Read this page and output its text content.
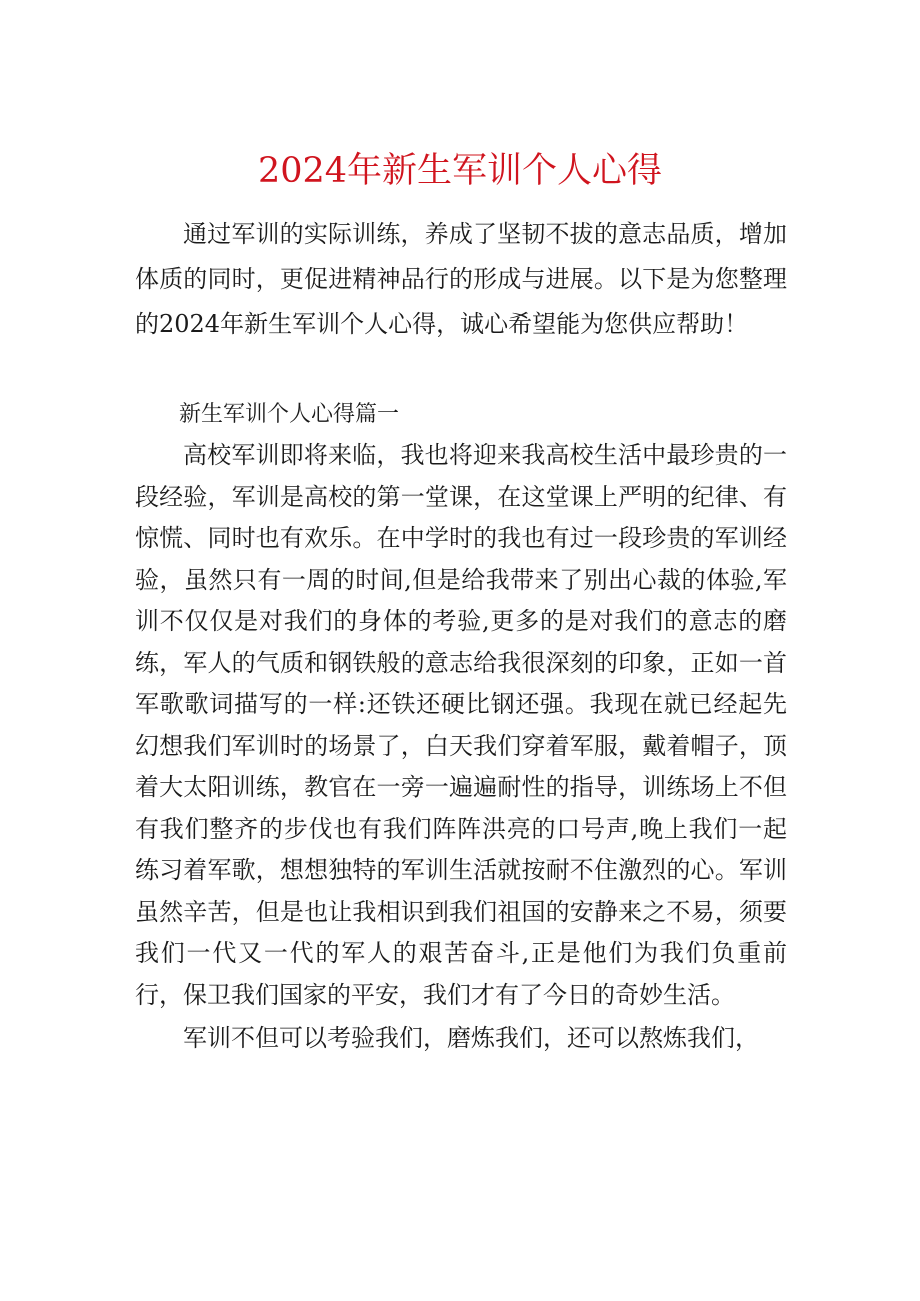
2024年新生军训个人心得

通过军训的实际训练，养成了坚韧不拔的意志品质，增加体质的同时，更促进精神品行的形成与进展。以下是为您整理的2024年新生军训个人心得，诚心希望能为您供应帮助！

新生军训个人心得篇一

高校军训即将来临，我也将迎来我高校生活中最珍贵的一段经验，军训是高校的第一堂课，在这堂课上严明的纪律、有惊慌、同时也有欢乐。在中学时的我也有过一段珍贵的军训经验，虽然只有一周的时间,但是给我带来了别出心裁的体验,军训不仅仅是对我们的身体的考验,更多的是对我们的意志的磨练，军人的气质和钢铁般的意志给我很深刻的印象，正如一首军歌歌词描写的一样:还铁还硬比钢还强。我现在就已经起先幻想我们军训时的场景了，白天我们穿着军服，戴着帽子，顶着大太阳训练，教官在一旁一遍遍耐性的指导，训练场上不但有我们整齐的步伐也有我们阵阵洪亮的口号声,晚上我们一起练习着军歌，想想独特的军训生活就按耐不住激烈的心。军训虽然辛苦，但是也让我相识到我们祖国的安静来之不易，须要我们一代又一代的军人的艰苦奋斗,正是他们为我们负重前行，保卫我们国家的平安，我们才有了今日的奇妙生活。

军训不但可以考验我们，磨炼我们，还可以熬炼我们，
